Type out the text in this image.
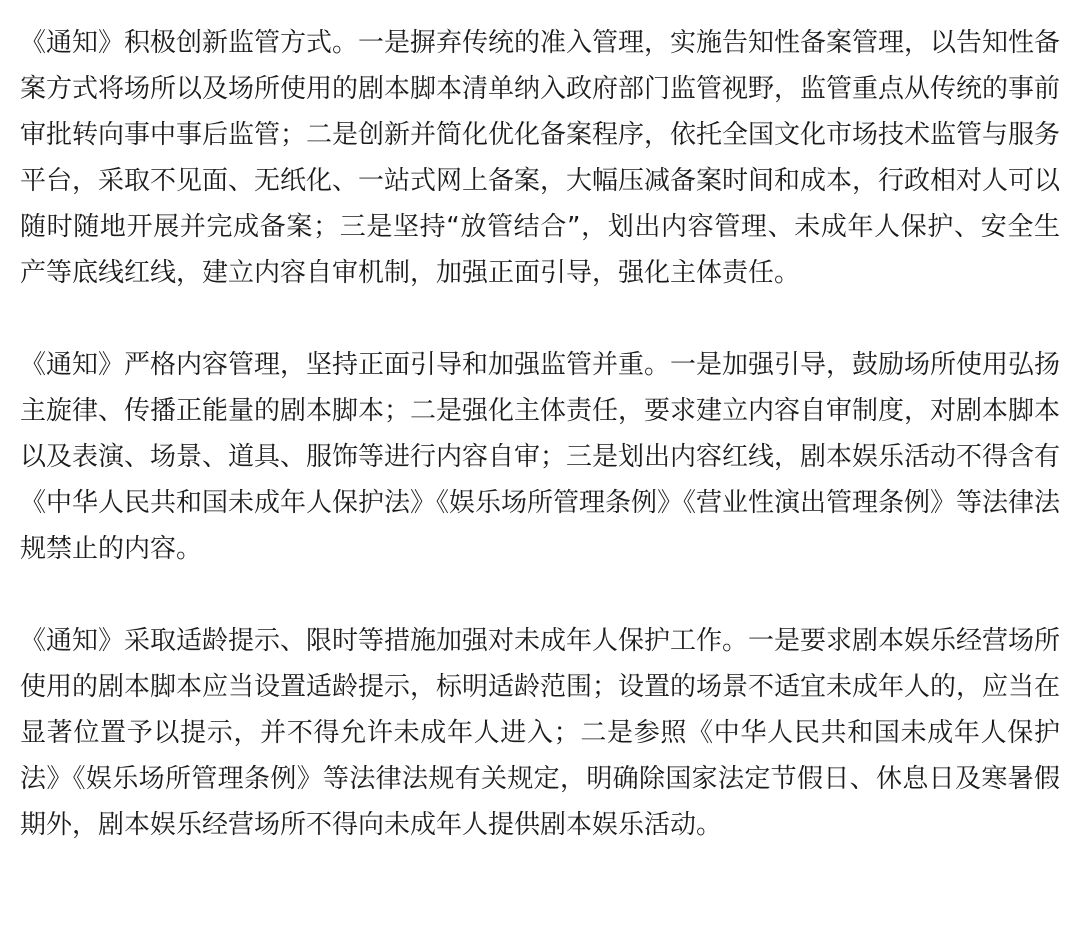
《通知》积极创新监管方式。一是摒弃传统的准入管理，实施告知性备案管理，以告知性备案方式将场所以及场所使用的剧本脚本清单纳入政府部门监管视野，监管重点从传统的事前审批转向事中事后监管；二是创新并简化优化备案程序，依托全国文化市场技术监管与服务平台，采取不见面、无纸化、一站式网上备案，大幅压减备案时间和成本，行政相对人可以随时随地开展并完成备案；三是坚持“放管结合”，划出内容管理、未成年人保护、安全生产等底线红线，建立内容自审机制，加强正面引导，强化主体责任。

《通知》严格内容管理，坚持正面引导和加强监管并重。一是加强引导，鼓励场所使用弘扬主旋律、传播正能量的剧本脚本；二是强化主体责任，要求建立内容自审制度，对剧本脚本以及表演、场景、道具、服饰等进行内容自审；三是划出内容红线，剧本娱乐活动不得含有《中华人民共和国未成年人保护法》《娱乐场所管理条例》《营业性演出管理条例》等法律法规禁止的内容。

《通知》采取适龄提示、限时等措施加强对未成年人保护工作。一是要求剧本娱乐经营场所使用的剧本脚本应当设置适龄提示，标明适龄范围；设置的场景不适宜未成年人的，应当在显著位置予以提示，并不得允许未成年人进入；二是参照《中华人民共和国未成年人保护法》《娱乐场所管理条例》等法律法规有关规定，明确除国家法定节假日、休息日及寒暑假期外，剧本娱乐经营场所不得向未成年人提供剧本娱乐活动。
